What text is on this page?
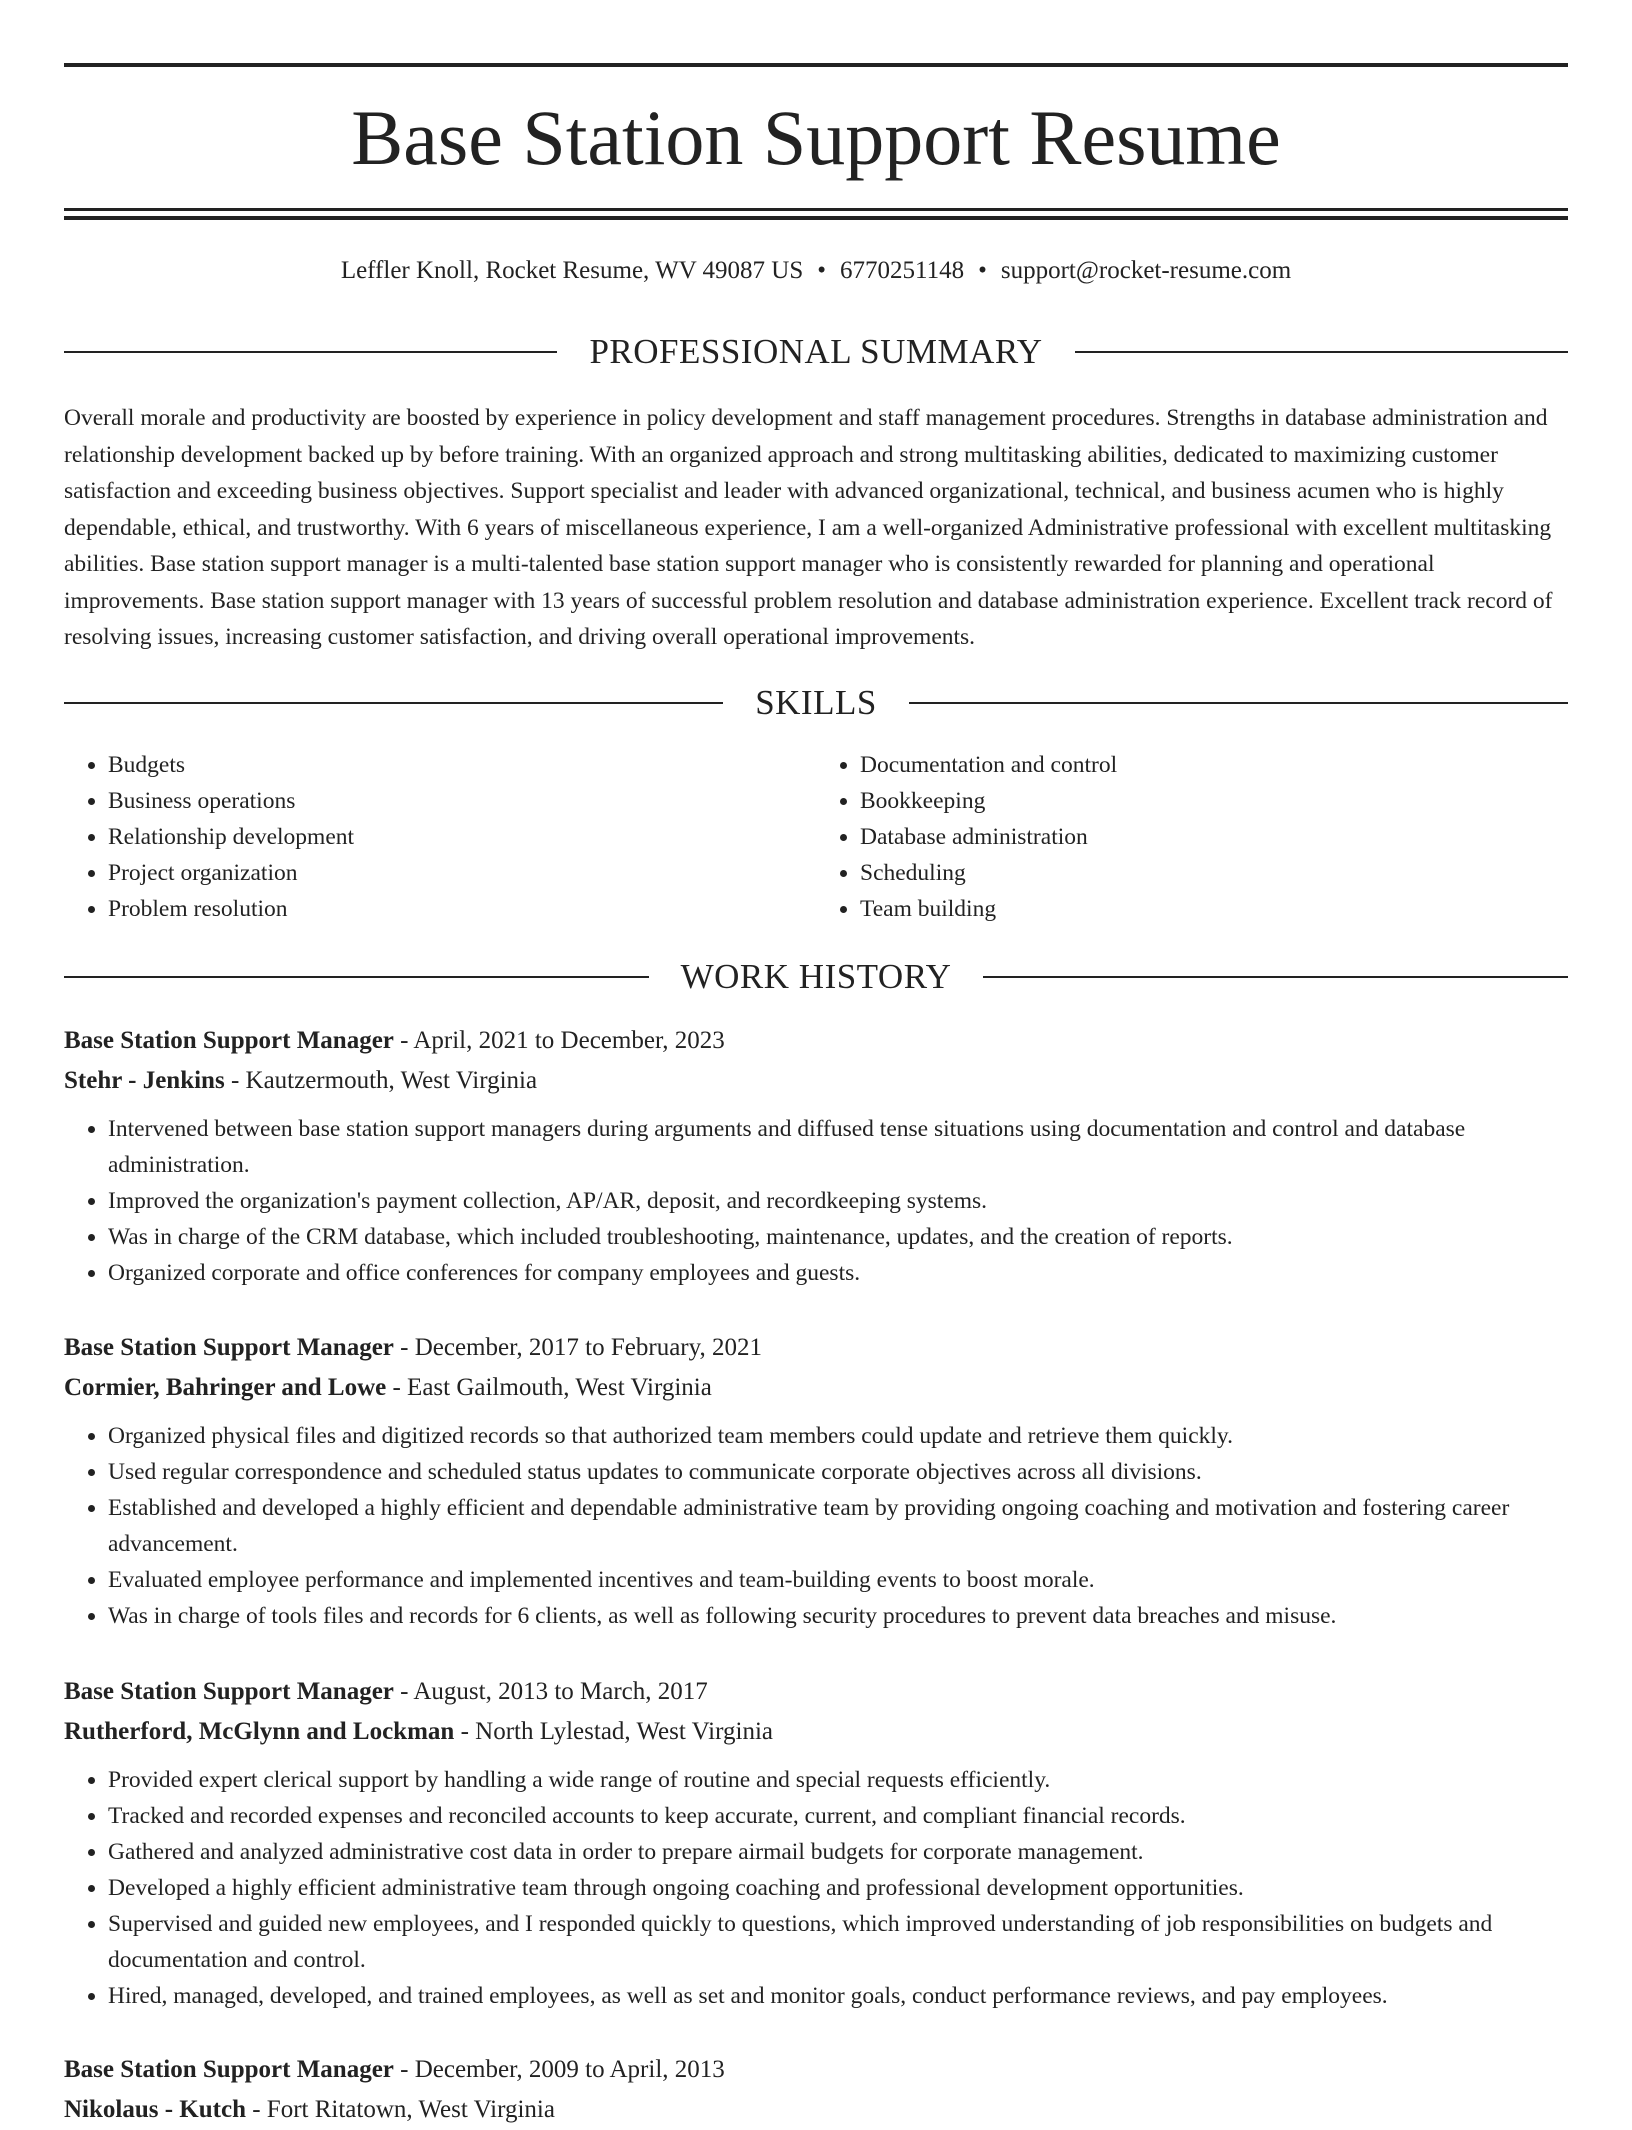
Base Station Support Resume
Leffler Knoll, Rocket Resume, WV 49087 US • 6770251148 • support@rocket-resume.com
PROFESSIONAL SUMMARY

Overall morale and productivity are boosted by experience in policy development and staff management procedures. Strengths in database administration and relationship development backed up by before training. With an organized approach and strong multitasking abilities, dedicated to maximizing customer satisfaction and exceeding business objectives. Support specialist and leader with advanced organizational, technical, and business acumen who is highly dependable, ethical, and trustworthy. With 6 years of miscellaneous experience, I am a well-organized Administrative professional with excellent multitasking abilities. Base station support manager is a multi-talented base station support manager who is consistently rewarded for planning and operational improvements. Base station support manager with 13 years of successful problem resolution and database administration experience. Excellent track record of resolving issues, increasing customer satisfaction, and driving overall operational improvements.

SKILLS
• Budgets
• Business operations
• Relationship development
• Project organization
• Problem resolution
• Documentation and control
• Bookkeeping
• Database administration
• Scheduling
• Team building
WORK HISTORY
Base Station Support Manager - April, 2021 to December, 2023
Stehr - Jenkins - Kautzermouth, West Virginia
• Intervened between base station support managers during arguments and diffused tense situations using documentation and control and database administration.
• Improved the organization's payment collection, AP/AR, deposit, and recordkeeping systems.
• Was in charge of the CRM database, which included troubleshooting, maintenance, updates, and the creation of reports.
• Organized corporate and office conferences for company employees and guests.
Base Station Support Manager - December, 2017 to February, 2021
Cormier, Bahringer and Lowe - East Gailmouth, West Virginia
• Organized physical files and digitized records so that authorized team members could update and retrieve them quickly.
• Used regular correspondence and scheduled status updates to communicate corporate objectives across all divisions.
• Established and developed a highly efficient and dependable administrative team by providing ongoing coaching and motivation and fostering career advancement.
• Evaluated employee performance and implemented incentives and team-building events to boost morale.
• Was in charge of tools files and records for 6 clients, as well as following security procedures to prevent data breaches and misuse.
Base Station Support Manager - August, 2013 to March, 2017
Rutherford, McGlynn and Lockman - North Lylestad, West Virginia
• Provided expert clerical support by handling a wide range of routine and special requests efficiently.
• Tracked and recorded expenses and reconciled accounts to keep accurate, current, and compliant financial records.
• Gathered and analyzed administrative cost data in order to prepare airmail budgets for corporate management.
• Developed a highly efficient administrative team through ongoing coaching and professional development opportunities.
• Supervised and guided new employees, and I responded quickly to questions, which improved understanding of job responsibilities on budgets and documentation and control.
• Hired, managed, developed, and trained employees, as well as set and monitor goals, conduct performance reviews, and pay employees.
Base Station Support Manager - December, 2009 to April, 2013
Nikolaus - Kutch - Fort Ritatown, West Virginia
